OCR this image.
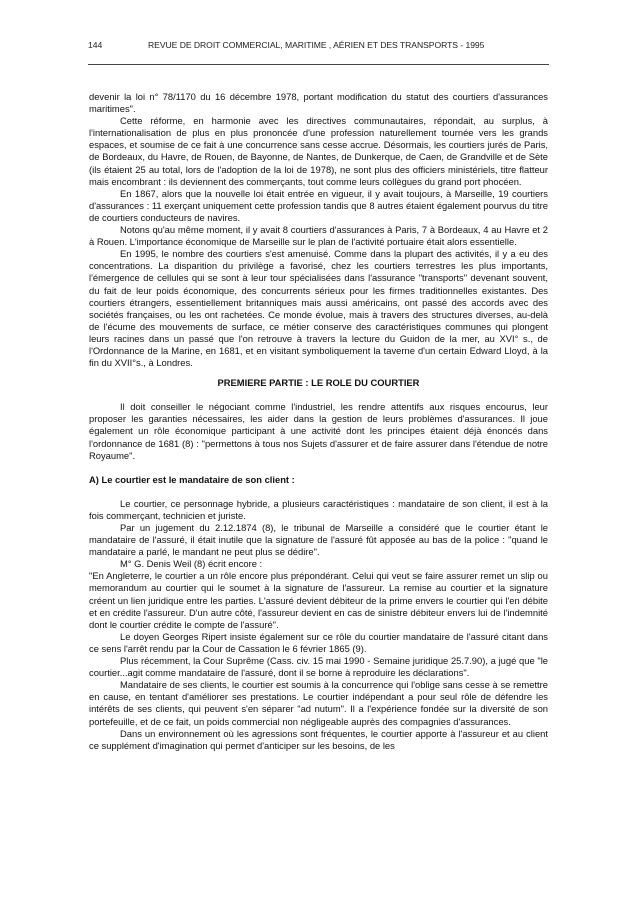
144	REVUE DE DROIT COMMERCIAL, MARITIME , AÉRIEN ET DES TRANSPORTS - 1995

devenir la loi n° 78/1170 du 16 décembre 1978, portant modification du statut des courtiers d'assurances maritimes".

Cette réforme, en harmonie avec les directives communautaires, répondait, au surplus, à l'internationalisation de plus en plus prononcée d'une profession naturellement tournée vers les grands espaces, et soumise de ce fait à une concurrence sans cesse accrue. Désormais, les courtiers jurés de Paris, de Bordeaux, du Havre, de Rouen, de Bayonne, de Nantes, de Dunkerque, de Caen, de Grandville et de Sète (ils étaient 25 au total, lors de l'adoption de la loi de 1978), ne sont plus des officiers ministériels, titre flatteur mais encombrant : ils deviennent des commerçants, tout comme leurs collègues du grand port phocéen.

En 1867, alors que la nouvelle loi était entrée en vigueur, il y avait toujours, à Marseille, 19 courtiers d'assurances : 11 exerçant uniquement cette profession tandis que 8 autres étaient également pourvus du titre de courtiers conducteurs de navires.

Notons qu'au même moment, il y avait 8 courtiers d'assurances à Paris, 7 à Bordeaux, 4 au Havre et 2 à Rouen. L'importance économique de Marseille sur le plan de l'activité portuaire était alors essentielle.

En 1995, le nombre des courtiers s'est amenuisé. Comme dans la plupart des activités, il y a eu des concentrations. La disparition du privilège a favorisé, chez les courtiers terrestres les plus importants, l'émergence de cellules qui se sont à leur tour spécialisées dans l'assurance "transports" devenant souvent, du fait de leur poids économique, des concurrents sérieux pour les firmes traditionnelles existantes. Des courtiers étrangers, essentiellement britanniques mais aussi américains, ont passé des accords avec des sociétés françaises, ou les ont rachetées. Ce monde évolue, mais à travers des structures diverses, au-delà de l'écume des mouvements de surface, ce métier conserve des caractéristiques communes qui plongent leurs racines dans un passé que l'on retrouve à travers la lecture du Guidon de la mer, au XVI° s., de l'Ordonnance de la Marine, en 1681, et en visitant symboliquement la taverne d'un certain Edward Lloyd, à la fin du XVII°s., à Londres.

PREMIERE PARTIE : LE ROLE DU COURTIER

Il doit conseiller le négociant comme l'industriel, les rendre attentifs aux risques encourus, leur proposer les garanties nécessaires, les aider dans la gestion de leurs problèmes d'assurances. Il joue également un rôle économique participant à une activité dont les principes étaient déjà énoncés dans l'ordonnance de 1681 (8) : "permettons à tous nos Sujets d'assurer et de faire assurer dans l'étendue de notre Royaume".

A) Le courtier est le mandataire de son client :

Le courtier, ce personnage hybride, a plusieurs caractéristiques : mandataire de son client, il est à la fois commerçant, technicien et juriste.

Par un jugement du 2.12.1874 (8), le tribunal de Marseille a considéré que le courtier étant le mandataire de l'assuré, il était inutile que la signature de l'assuré fût apposée au bas de la police : "quand le mandataire a parlé, le mandant ne peut plus se dédire".

M° G. Denis Weil (8) écrit encore :

"En Angleterre, le courtier a un rôle encore plus prépondérant. Celui qui veut se faire assurer remet un slip ou memorandum au courtier qui le soumet à la signature de l'assureur. La remise au courtier et la signature créent un lien juridique entre les parties. L'assuré devient débiteur de la prime envers le courtier qui l'en débite et en crédite l'assureur. D'un autre côté, l'assureur devient en cas de sinistre débiteur envers lui de l'indemnité dont le courtier crédite le compte de l'assuré".

Le doyen Georges Ripert insiste également sur ce rôle du courtier mandataire de l'assuré citant dans ce sens l'arrêt rendu par la Cour de Cassation le 6 février 1865 (9).

Plus récemment, la Cour Suprême (Cass. civ. 15 mai 1990 - Semaine juridique 25.7.90), a jugé que "le courtier...agit comme mandataire de l'assuré, dont il se borne à reproduire les déclarations".

Mandataire de ses clients, le courtier est soumis à la concurrence qui l'oblige sans cesse à se remettre en cause, en tentant d'améliorer ses prestations. Le courtier indépendant a pour seul rôle de défendre les intérêts de ses clients, qui peuvent s'en séparer "ad nutum". Il a l'expérience fondée sur la diversité de son portefeuille, et de ce fait, un poids commercial non négligeable auprès des compagnies d'assurances.

Dans un environnement où les agressions sont fréquentes, le courtier apporte à l'assureur et au client ce supplément d'imagination qui permet d'anticiper sur les besoins, de les
